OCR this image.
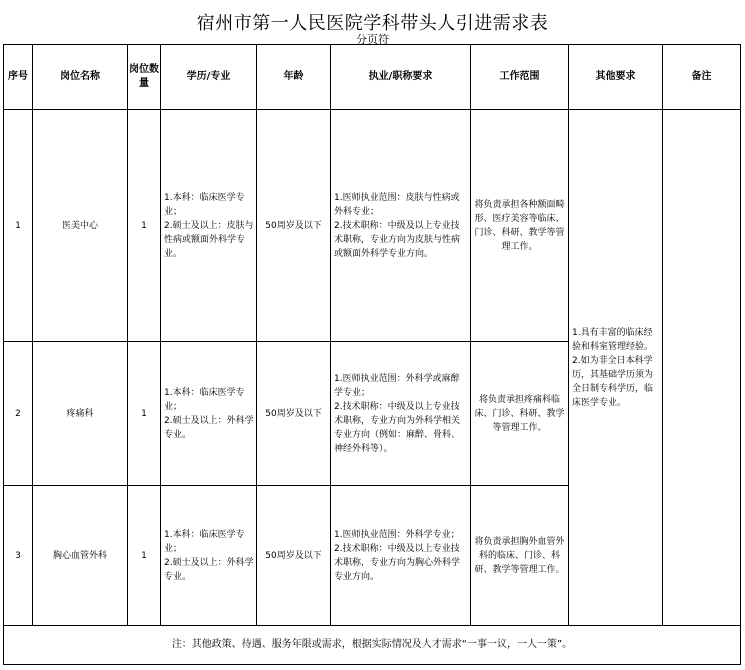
宿州市第一人民医院学科带头人引进需求表
分页符
序号	岗位名称	岗位数量	学历/专业	年龄	执业/职称要求	工作范围	其他要求	备注
1	医美中心	1	1.本科：临床医学专业；
2.硕士及以上：皮肤与性病或额面外科学专业。	50周岁及以下	1.医师执业范围：皮肤与性病或外科专业；
2.技术职称：中级及以上专业技术职称，专业方向为皮肤与性病或额面外科学专业方向。	将负责承担各种额面畸形、医疗美容等临床、门诊、科研、教学等管理工作。	1.具有丰富的临床经验和科室管理经验。
2.如为非全日本科学历，其基础学历须为全日制专科学历，临床医学专业。	

2	疼痛科	1	1.本科：临床医学专业；
2.硕士及以上：外科学专业。	50周岁及以下	1.医师执业范围：外科学或麻醉学专业；
2.技术职称：中级及以上专业技术职称，专业方向为外科学相关专业方向（例如：麻醉、骨科、神经外科等）。	将负责承担疼痛科临床、门诊、科研、教学等管理工作。		
3	胸心血管外科	1	1.本科：临床医学专业；
2.硕士及以上：外科学专业。	50周岁及以下	1.医师执业范围：外科学专业；
2.技术职称：中级及以上专业技术职称，专业方向为胸心外科学专业方向。	将负责承担胸外血管外科的临床、门诊、科研、教学等管理工作。		
注：其他政策、待遇、服务年限或需求，根据实际情况及人才需求“一事一议，一人一策”。								
